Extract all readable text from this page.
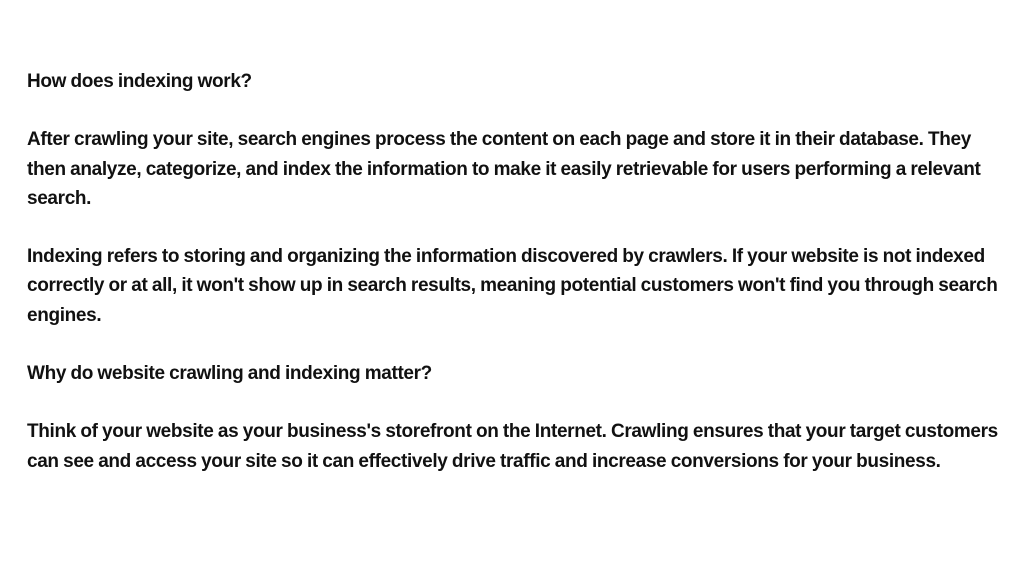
How does indexing work?

After crawling your site, search engines process the content on each page and store it in their database. They then analyze, categorize, and index the information to make it easily retrievable for users performing a relevant search.

Indexing refers to storing and organizing the information discovered by crawlers. If your website is not indexed correctly or at all, it won't show up in search results, meaning potential customers won't find you through search engines.

Why do website crawling and indexing matter?

Think of your website as your business's storefront on the Internet. Crawling ensures that your target customers can see and access your site so it can effectively drive traffic and increase conversions for your business.
